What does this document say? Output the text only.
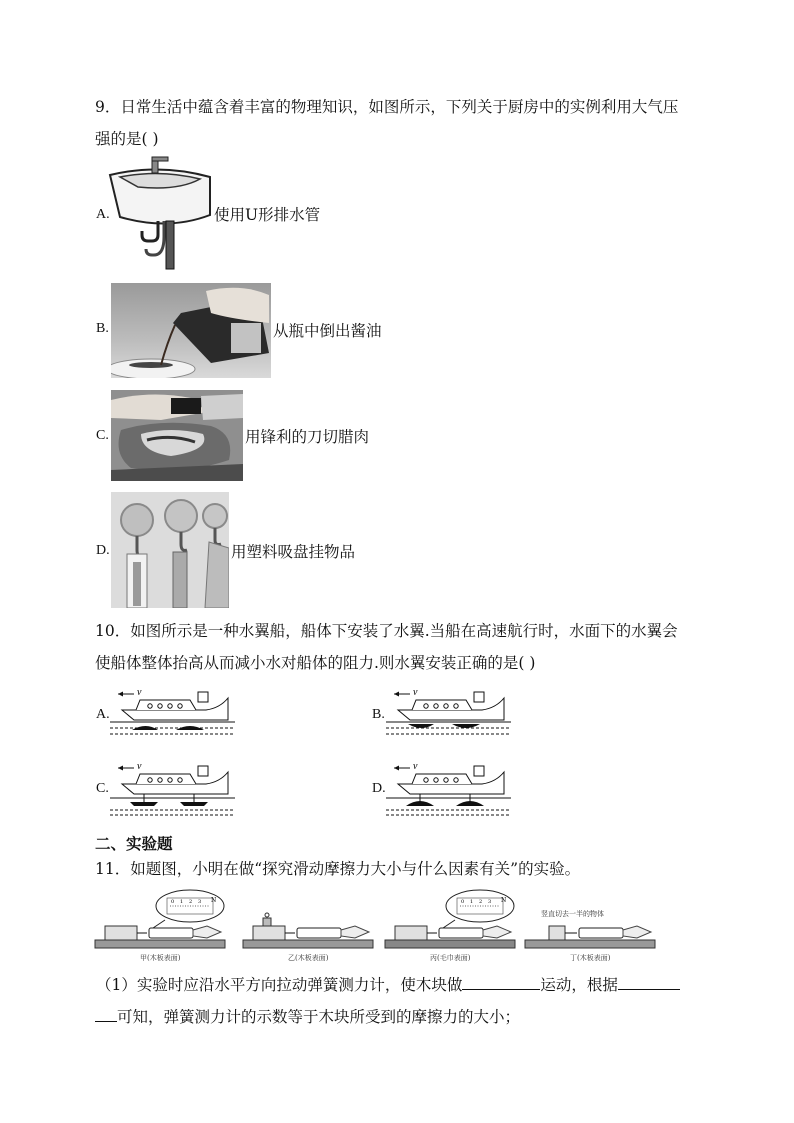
9．日常生活中蕴含着丰富的物理知识，如图所示，下列关于厨房中的实例利用大气压
强的是( )
A.	使用U形排水管
B.	从瓶中倒出酱油
C.	用锋利的刀切腊肉
D.	用塑料吸盘挂物品
10．如图所示是一种水翼船，船体下安装了水翼.当船在高速航行时，水面下的水翼会
使船体整体抬高从而减小水对船体的阻力.则水翼安装正确的是( )
A.
v
B.
v
C.
v
D.
v
二、实验题
11．如题图，小明在做“探究滑动摩擦力大小与什么因素有关”的实验。
N
甲(木板表面)	乙(木板表面)	丙(毛巾表面)
竖直切去一半的物体
丁(木板表面)
0 1 2 3	0 1 2 3 N
（1）实验时应沿水平方向拉动弹簧测力计，使木块做	运动，根据
可知，弹簧测力计的示数等于木块所受到的摩擦力的大小；
